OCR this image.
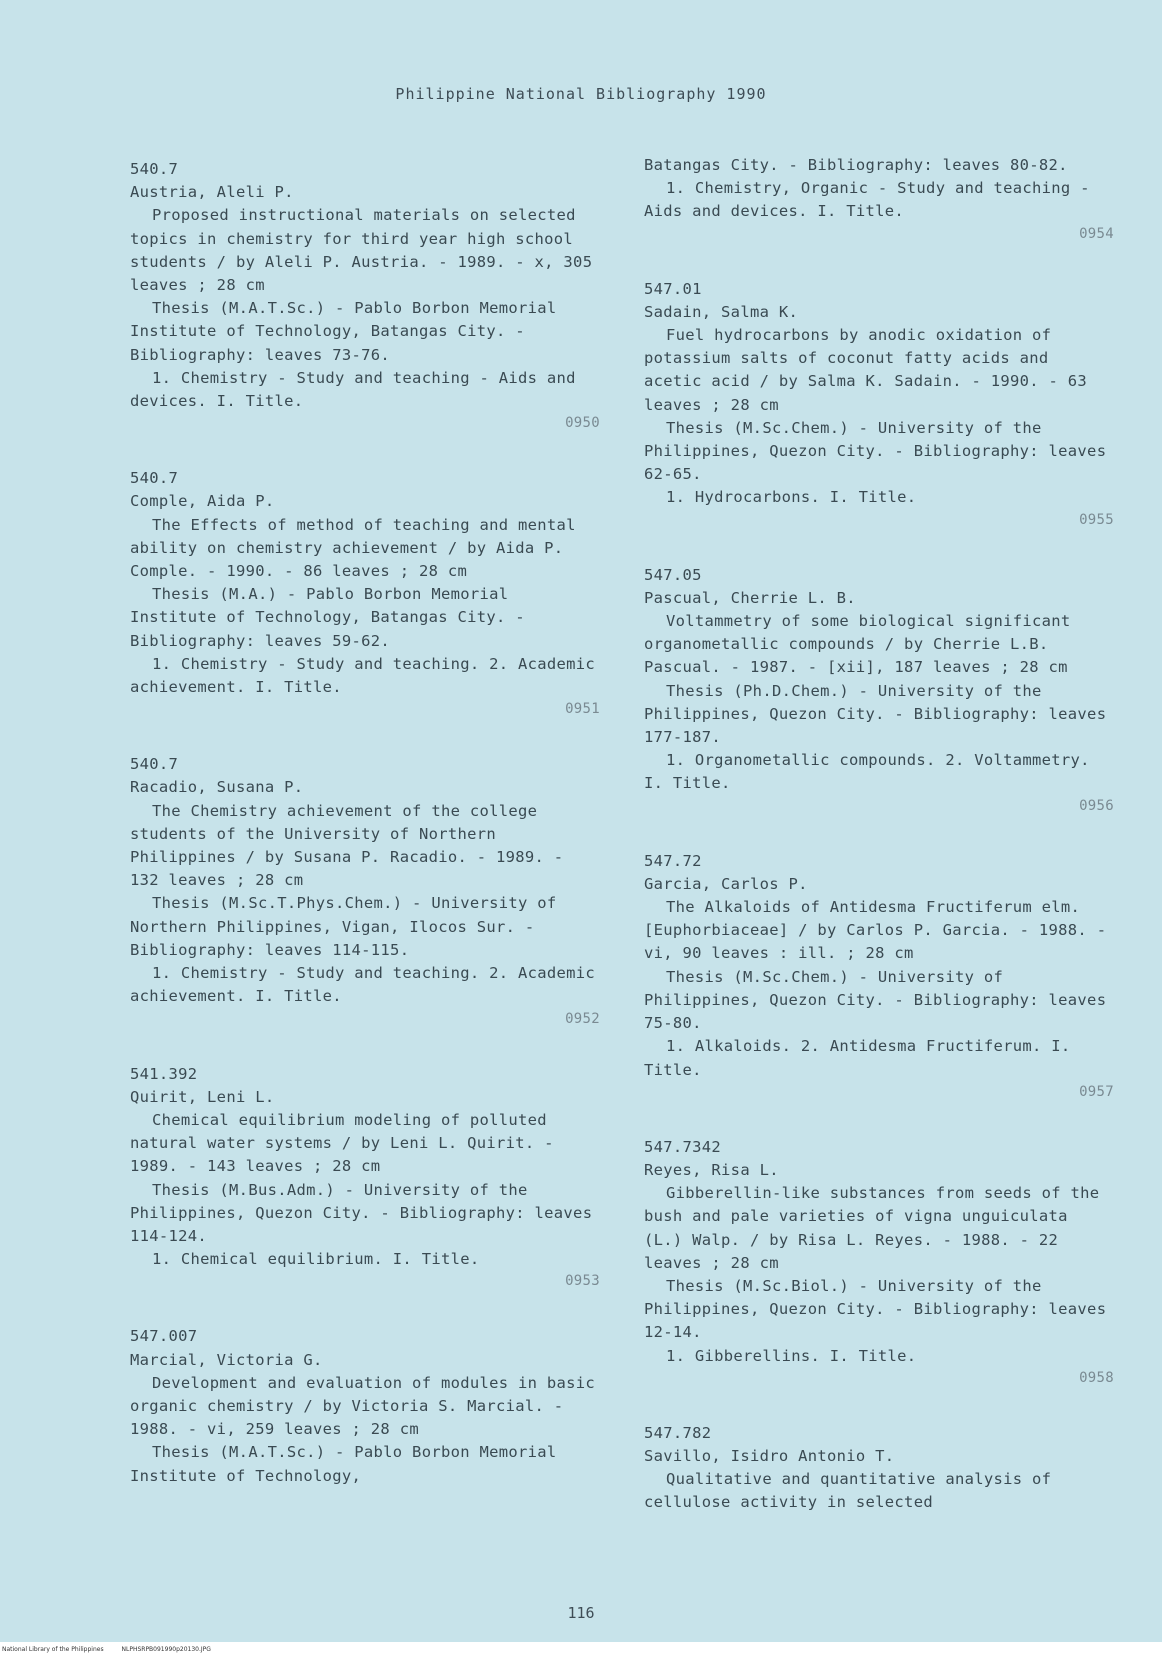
Philippine National Bibliography 1990
540.7
Austria, Aleli P.
Proposed instructional materials on selected topics in chemistry for third year high school students / by Aleli P. Austria. - 1989. - x, 305 leaves ; 28 cm
Thesis (M.A.T.Sc.) - Pablo Borbon Memorial Institute of Technology, Batangas City. - Bibliography: leaves 73-76.
1. Chemistry - Study and teaching - Aids and devices. I. Title.
0950
540.7
Comple, Aida P.
The Effects of method of teaching and mental ability on chemistry achievement / by Aida P. Comple. - 1990. - 86 leaves ; 28 cm
Thesis (M.A.) - Pablo Borbon Memorial Institute of Technology, Batangas City. - Bibliography: leaves 59-62.
1. Chemistry - Study and teaching. 2. Academic achievement. I. Title.
0951
540.7
Racadio, Susana P.
The Chemistry achievement of the college students of the University of Northern Philippines / by Susana P. Racadio. - 1989. - 132 leaves ; 28 cm
Thesis (M.Sc.T.Phys.Chem.) - University of Northern Philippines, Vigan, Ilocos Sur. - Bibliography: leaves 114-115.
1. Chemistry - Study and teaching. 2. Academic achievement. I. Title.
0952
541.392
Quirit, Leni L.
Chemical equilibrium modeling of polluted natural water systems / by Leni L. Quirit. - 1989. - 143 leaves ; 28 cm
Thesis (M.Bus.Adm.) - University of the Philippines, Quezon City. - Bibliography: leaves 114-124.
1. Chemical equilibrium. I. Title.
0953
547.007
Marcial, Victoria G.
Development and evaluation of modules in basic organic chemistry / by Victoria S. Marcial. - 1988. - vi, 259 leaves ; 28 cm
Thesis (M.A.T.Sc.) - Pablo Borbon Memorial Institute of Technology,
Batangas City. - Bibliography: leaves 80-82.
1. Chemistry, Organic - Study and teaching - Aids and devices. I. Title.
0954
547.01
Sadain, Salma K.
Fuel hydrocarbons by anodic oxidation of potassium salts of coconut fatty acids and acetic acid / by Salma K. Sadain. - 1990. - 63 leaves ; 28 cm
Thesis (M.Sc.Chem.) - University of the Philippines, Quezon City. - Bibliography: leaves 62-65.
1. Hydrocarbons. I. Title.
0955
547.05
Pascual, Cherrie L. B.
Voltammetry of some biological significant organometallic compounds / by Cherrie L.B. Pascual. - 1987. - [xii], 187 leaves ; 28 cm
Thesis (Ph.D.Chem.) - University of the Philippines, Quezon City. - Bibliography: leaves 177-187.
1. Organometallic compounds. 2. Voltammetry. I. Title.
0956
547.72
Garcia, Carlos P.
The Alkaloids of Antidesma Fructiferum elm. [Euphorbiaceae] / by Carlos P. Garcia. - 1988. - vi, 90 leaves : ill. ; 28 cm
Thesis (M.Sc.Chem.) - University of Philippines, Quezon City. - Bibliography: leaves 75-80.
1. Alkaloids. 2. Antidesma Fructiferum. I. Title.
0957
547.7342
Reyes, Risa L.
Gibberellin-like substances from seeds of the bush and pale varieties of vigna unguiculata (L.) Walp. / by Risa L. Reyes. - 1988. - 22 leaves ; 28 cm
Thesis (M.Sc.Biol.) - University of the Philippines, Quezon City. - Bibliography: leaves 12-14.
1. Gibberellins. I. Title.
0958
547.782
Savillo, Isidro Antonio T.
Qualitative and quantitative analysis of cellulose activity in selected
116
National Library of the Philippines	NLPHSRPB091990p20130.JPG
